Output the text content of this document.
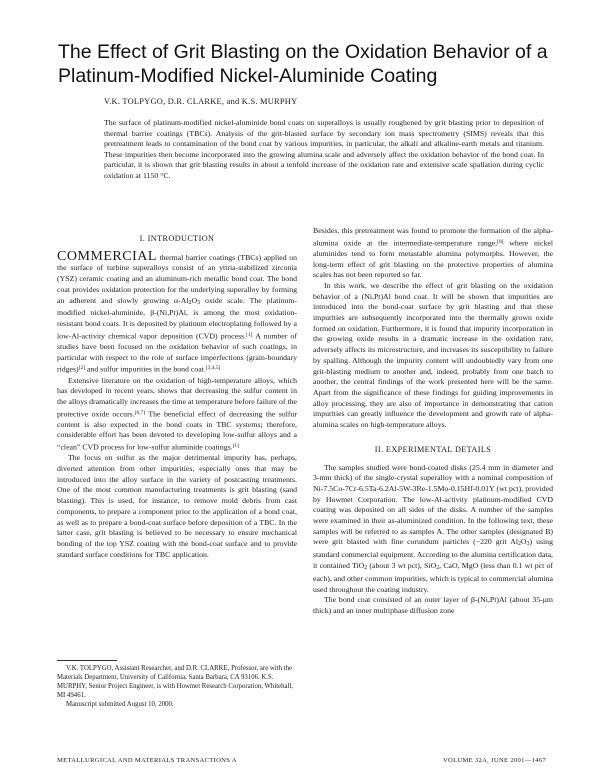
The Effect of Grit Blasting on the Oxidation Behavior of a Platinum-Modified Nickel-Aluminide Coating
V.K. TOLPYGO, D.R. CLARKE, and K.S. MURPHY

The surface of platinum-modified nickel-aluminide bond coats on superalloys is usually roughened by grit blasting prior to deposition of thermal barrier coatings (TBCs). Analysis of the grit-blasted surface by secondary ion mass spectrometry (SIMS) reveals that this pretreatment leads to contamination of the bond coat by various impurities, in particular, the alkali and alkaline-earth metals and titanium. These impurities then become incorporated into the growing alumina scale and adversely affect the oxidation behavior of the bond coat. In particular, it is shown that grit blasting results in about a tenfold increase of the oxidation rate and extensive scale spallation during cyclic oxidation at 1150 °C.

I. INTRODUCTION

COMMERCIAL thermal barrier coatings (TBCs) applied on the surface of turbine superalloys consist of an yttria-stabilized zirconia (YSZ) ceramic coating and an aluminum-rich metallic bond coat. The bond coat provides oxidation protection for the underlying superalloy by forming an adherent and slowly growing $\alpha-Al_2O_3$ oxide scale. The platinum-modified nickel-aluminide, β-(Ni,Pt)Al, is among the most oxidation-resistant bond coats. It is deposited by platinum electroplating followed by a low-Al-activity chemical vapor deposition (CVD) process.[1] A number of studies have been focused on the oxidation behavior of such coatings, in particular with respect to the role of surface imperfections (grain-boundary ridges)[2] and sulfur impurities in the bond coat.[3,4,5]

Extensive literature on the oxidation of high-temperature alloys, which has developed in recent years, shows that decreasing the sulfur content in the alloys dramatically increases the time at temperature before failure of the protective oxide occurs.[6,7] The beneficial effect of decreasing the sulfur content is also expected in the bond coats in TBC systems; therefore, considerable effort has been devoted to developing low-sulfur alloys and a “clean” CVD process for low-sulfur aluminide coatings.[1]

The focus on sulfur as the major detrimental impurity has, perhaps, diverted attention from other impurities, especially ones that may be introduced into the alloy surface in the variety of postcasting treatments. One of the most common manufacturing treatments is grit blasting (sand blasting). This is used, for instance, to remove mold debris from cast components, to prepare a component prior to the application of a bond coat, as well as to prepare a bond-coat surface before deposition of a TBC. In the latter case, grit blasting is believed to be necessary to ensure mechanical bonding of the top YSZ coating with the bond-coat surface and to provide standard surface conditions for TBC application.

V.K. TOLPYGO, Assistant Researcher, and D.R. CLARKE, Professor, are with the Materials Department, University of California, Santa Barbara, CA 93106. K.S. MURPHY, Senior Project Engineer, is with Howmet Research Corporation, Whitehall, MI 49461.

Manuscript submitted August 10, 2000.

Besides, this pretreatment was found to promote the formation of the alpha-alumina oxide at the intermediate-temperature range,[8] where nickel aluminides tend to form metastable alumina polymorphs. However, the long-term effect of grit blasting on the protective properties of alumina scales has not been reported so far.

In this work, we describe the effect of grit blasting on the oxidation behavior of a (Ni,Pt)Al bond coat. It will be shown that impurities are introduced into the bond-coat surface by grit blasting and that these impurities are subsequently incorporated into the thermally grown oxide formed on oxidation. Furthermore, it is found that impurity incorporation in the growing oxide results in a dramatic increase in the oxidation rate, adversely affects its microstructure, and increases its susceptibility to failure by spalling. Although the impurity content will undoubtedly vary from one grit-blasting medium to another and, indeed, probably from one batch to another, the central findings of the work presented here will be the same. Apart from the significance of these findings for guiding improvements in alloy processing, they are also of importance in demonstrating that cation impurities can greatly influence the development and growth rate of alpha-alumina scales on high-temperature alloys.

II. EXPERIMENTAL DETAILS

The samples studied were bond-coated disks (25.4 mm in diameter and 3-mm thick) of the single-crystal superalloy with a nominal composition of Ni-7.5Co-7Cr-6.5Ta-6.2Al-5W-3Re-1.5Mo-0.15Hf-0.01Y (wt pct), provided by Howmet Corporation. The low-Al-activity platinum-modified CVD coating was deposited on all sides of the disks. A number of the samples were examined in their as-aluminized condition. In the following text, these samples will be referred to as samples A. The other samples (designated B) were grit blasted with fine corundum particles (−220 grit $Al_2O_3$) using standard commercial equipment. According to the alumina certification data, it contained TiO$_2$ (about 3 wt pct), SiO$_2$, CaO, MgO (less than 0.1 wt pct of each), and other common impurities, which is typical to commercial alumina used throughout the coating industry.

The bond coat consisted of an outer layer of β-(Ni,Pt)Al (about 35-μm thick) and an inner multiphase diffusion zone

METALLURGICAL AND MATERIALS TRANSACTIONS A	VOLUME 32A, JUNE 2001—1467
